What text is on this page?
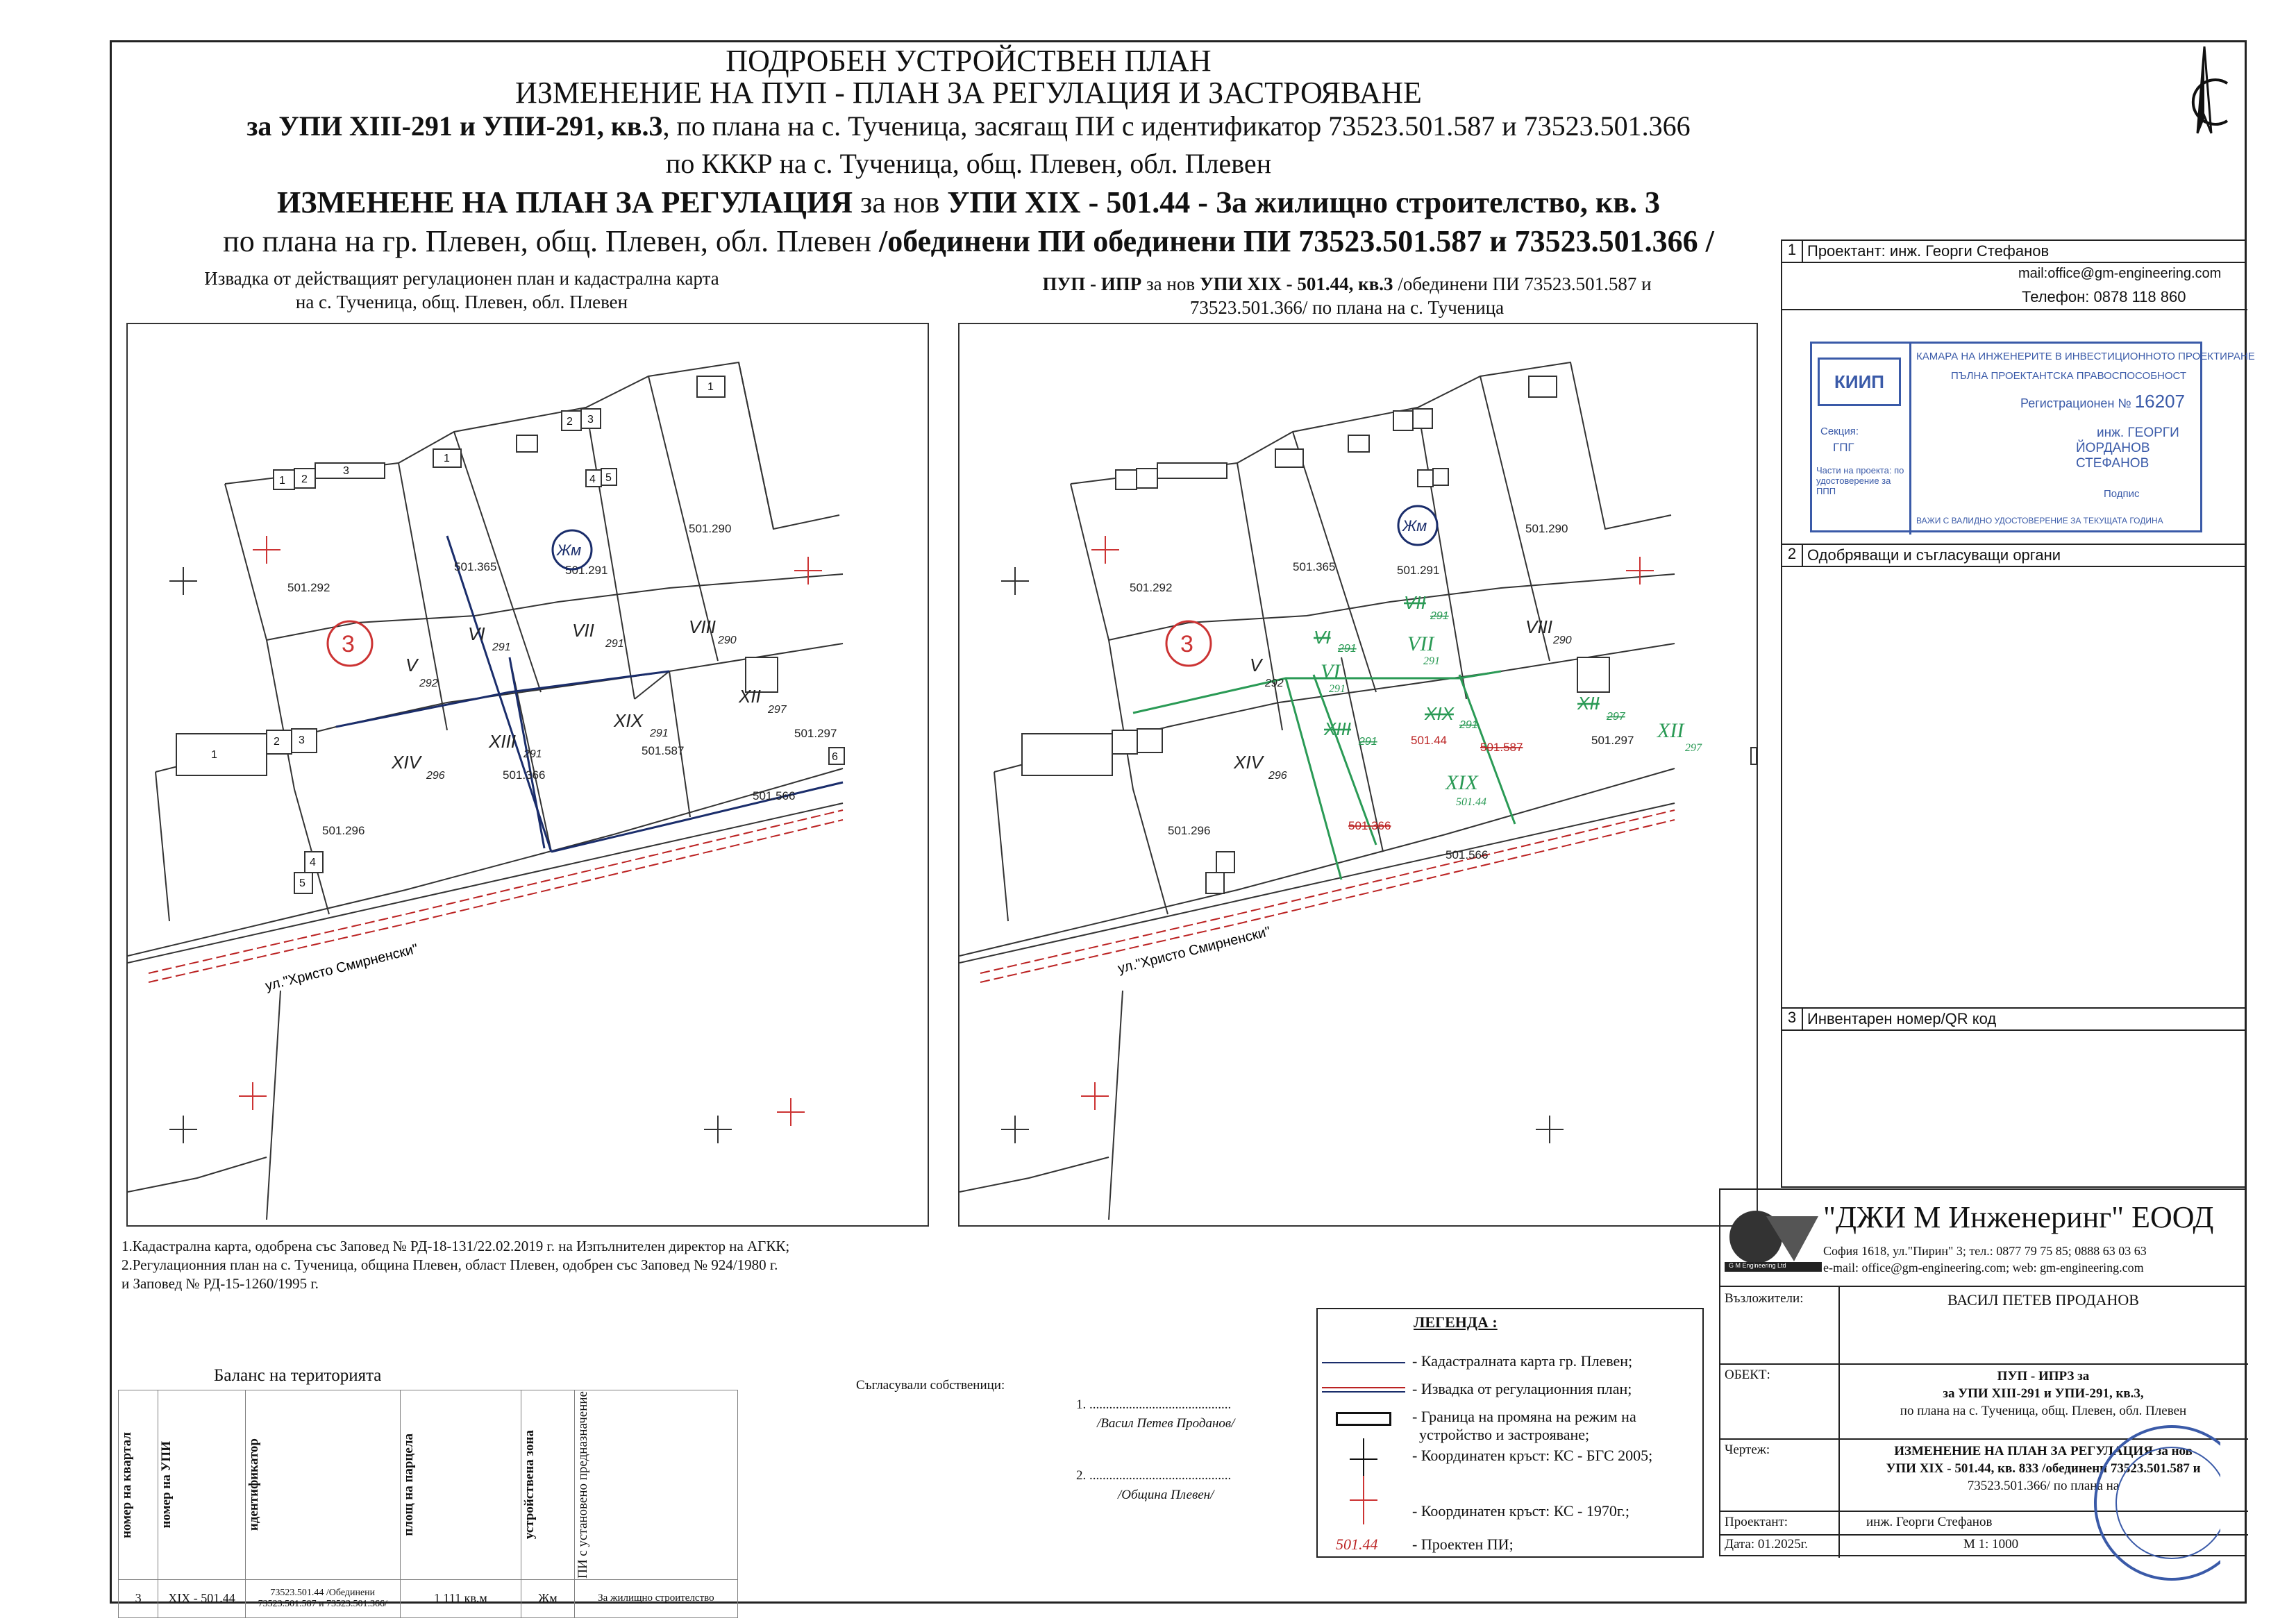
ПОДРОБЕН УСТРОЙСТВЕН ПЛАН
ИЗМЕНЕНИЕ НА ПУП - ПЛАН ЗА РЕГУЛАЦИЯ И ЗАСТРОЯВАНЕ
за УПИ XIII-291 и УПИ-291, кв.3, по плана на с. Тученица, засягащ ПИ с идентификатор 73523.501.587 и 73523.501.366
по КККР на с. Тученица, общ. Плевен, обл. Плевен
ИЗМЕНЕНЕ НА ПЛАН ЗА РЕГУЛАЦИЯ за нов УПИ XIX - 501.44 - За жилищно строителство, кв. 3
по плана на гр. Плевен, общ. Плевен, обл. Плевен /обединени ПИ обединени ПИ 73523.501.587 и 73523.501.366 /
Извадка от действащият регулационен план и кадастрална карта
на с. Тученица, общ. Плевен, обл. Плевен
ПУП - ИПР за нов УПИ XIX - 501.44, кв.3 /обединени ПИ 73523.501.587 и
73523.501.366/ по плана на с. Тученица
1 2
3
1
2 3
1
4 5
1
2 3
4
5
6
501.292
501.365	501.291
501.290
501.297
501.366
501.587
501.296
501.566
V
292
VI
291
VII
291
VIII
290
XIII
291
XIX
291
XII
297
XIV
296
3
Жм
ул."Христо Смирненски"
501.292
501.365	501.291
501.290
501.297
501.296
501.566
501.366
501.587
501.44
V
292
VIII
290
XIV
296
VI
291
VII
291
XIII
291
XIX
291
XII
297
VI
291
VII
291
XIX
501.44
XII
297
3
Жм
ул."Христо Смирненски"
1.Кадастрална карта, одобрена със Заповед № РД-18-131/22.02.2019 г. на Изпълнителен директор на АГКК;
2.Регулационния план на с. Тученица, община Плевен, област Плевен, одобрен със Заповед № 924/1980 г.
и Заповед № РД-15-1260/1995 г.
Баланс на територията
номер на квартал	номер на УПИ	идентификатор	площ на парцела	устройствена зона	ПИ с установено предназначение

3	XIX - 501.44	73523.501.44 /Обединени 73523.501.587 и 73523.501.366/	1 111 кв.м	Жм	За жилищно строителство
Съгласували собственици:
1. ...........................................
/Васил Петев Проданов/
2. ...........................................
/Община Плевен/
ЛЕГЕНДА :
- Кадастралната карта гр. Плевен;
- Извадка от регулационния план;
- Граница на промяна на режим на
устройство и застрояване;
- Координатен кръст: КС - БГС 2005;
- Координатен кръст: КС - 1970г.;
501.44 - Проектен ПИ;
1 Проектант: инж. Георги Стефанов
mail:office@gm-engineering.com
Телефон: 0878 118 860
КИИП
КАМАРА НА ИНЖЕНЕРИТЕ В ИНВЕСТИЦИОННОТО ПРОЕКТИРАНЕ
ПЪЛНА ПРОЕКТАНТСКА ПРАВОСПОСОБНОСТ
Регистрационен № 16207
Секция:
ГПГ
Части на проекта: по удостоверение за ППП
инж. ГЕОРГИ
ЙОРДАНОВ СТЕФАНОВ
Подпис
ВАЖИ С ВАЛИДНО УДОСТОВЕРЕНИЕ ЗА ТЕКУЩАТА ГОДИНА
2 Одобряващи и съгласуващи органи
3 Инвентарен номер/QR код
G M Engineering Ltd
"ДЖИ М Инженеринг" ЕООД
София 1618, ул."Пирин" 3; тел.: 0877 79 75 85; 0888 63 03 63
e-mail: office@gm-engineering.com; web: gm-engineering.com
Възложители:	ВАСИЛ ПЕТЕВ ПРОДАНОВ
ОБЕКТ:	ПУП - ИПРЗ за
за УПИ XIII-291 и УПИ-291, кв.3,
по плана на с. Тученица, общ. Плевен, обл. Плевен
Чертеж:	ИЗМЕНЕНИЕ НА ПЛАН ЗА РЕГУЛАЦИЯ за нов
УПИ XIX - 501.44, кв. 833 /обединени 73523.501.587 и
73523.501.366/ по плана на
Проектант:	инж. Георги Стефанов
Дата: 01.2025г.	М 1: 1000
